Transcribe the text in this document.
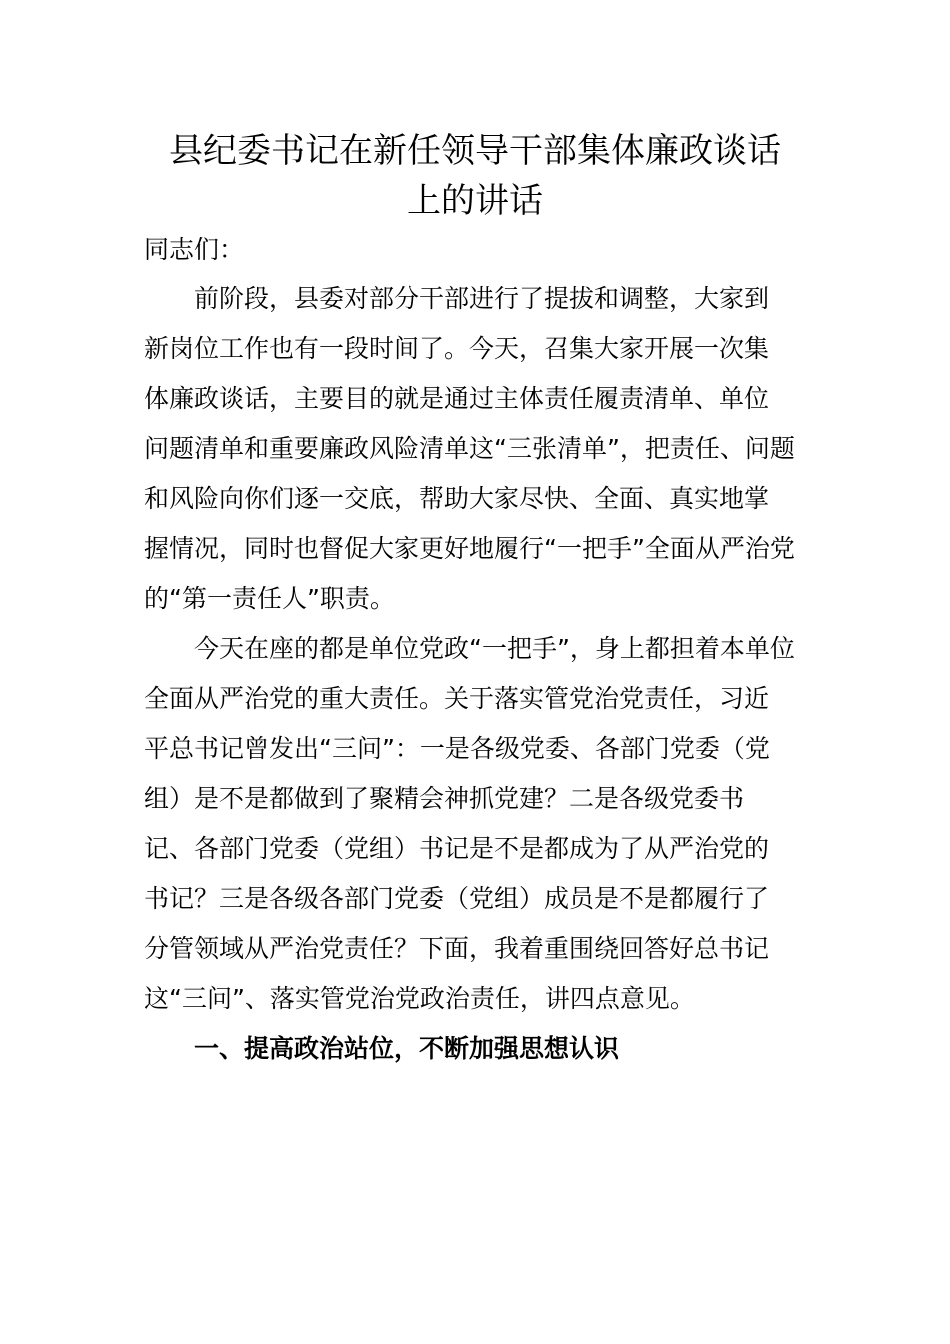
县纪委书记在新任领导干部集体廉政谈话
上的讲话

同志们：

前阶段，县委对部分干部进行了提拔和调整，大家到
新岗位工作也有一段时间了。今天，召集大家开展一次集
体廉政谈话，主要目的就是通过主体责任履责清单、单位
问题清单和重要廉政风险清单这“三张清单”，把责任、问题
和风险向你们逐一交底，帮助大家尽快、全面、真实地掌
握情况，同时也督促大家更好地履行“一把手”全面从严治党
的“第一责任人”职责。
今天在座的都是单位党政“一把手”，身上都担着本单位
全面从严治党的重大责任。关于落实管党治党责任，习近
平总书记曾发出“三问”：一是各级党委、各部门党委（党
组）是不是都做到了聚精会神抓党建？二是各级党委书
记、各部门党委（党组）书记是不是都成为了从严治党的
书记？三是各级各部门党委（党组）成员是不是都履行了
分管领域从严治党责任？下面，我着重围绕回答好总书记
这“三问”、落实管党治党政治责任，讲四点意见。

一、提高政治站位，不断加强思想认识
